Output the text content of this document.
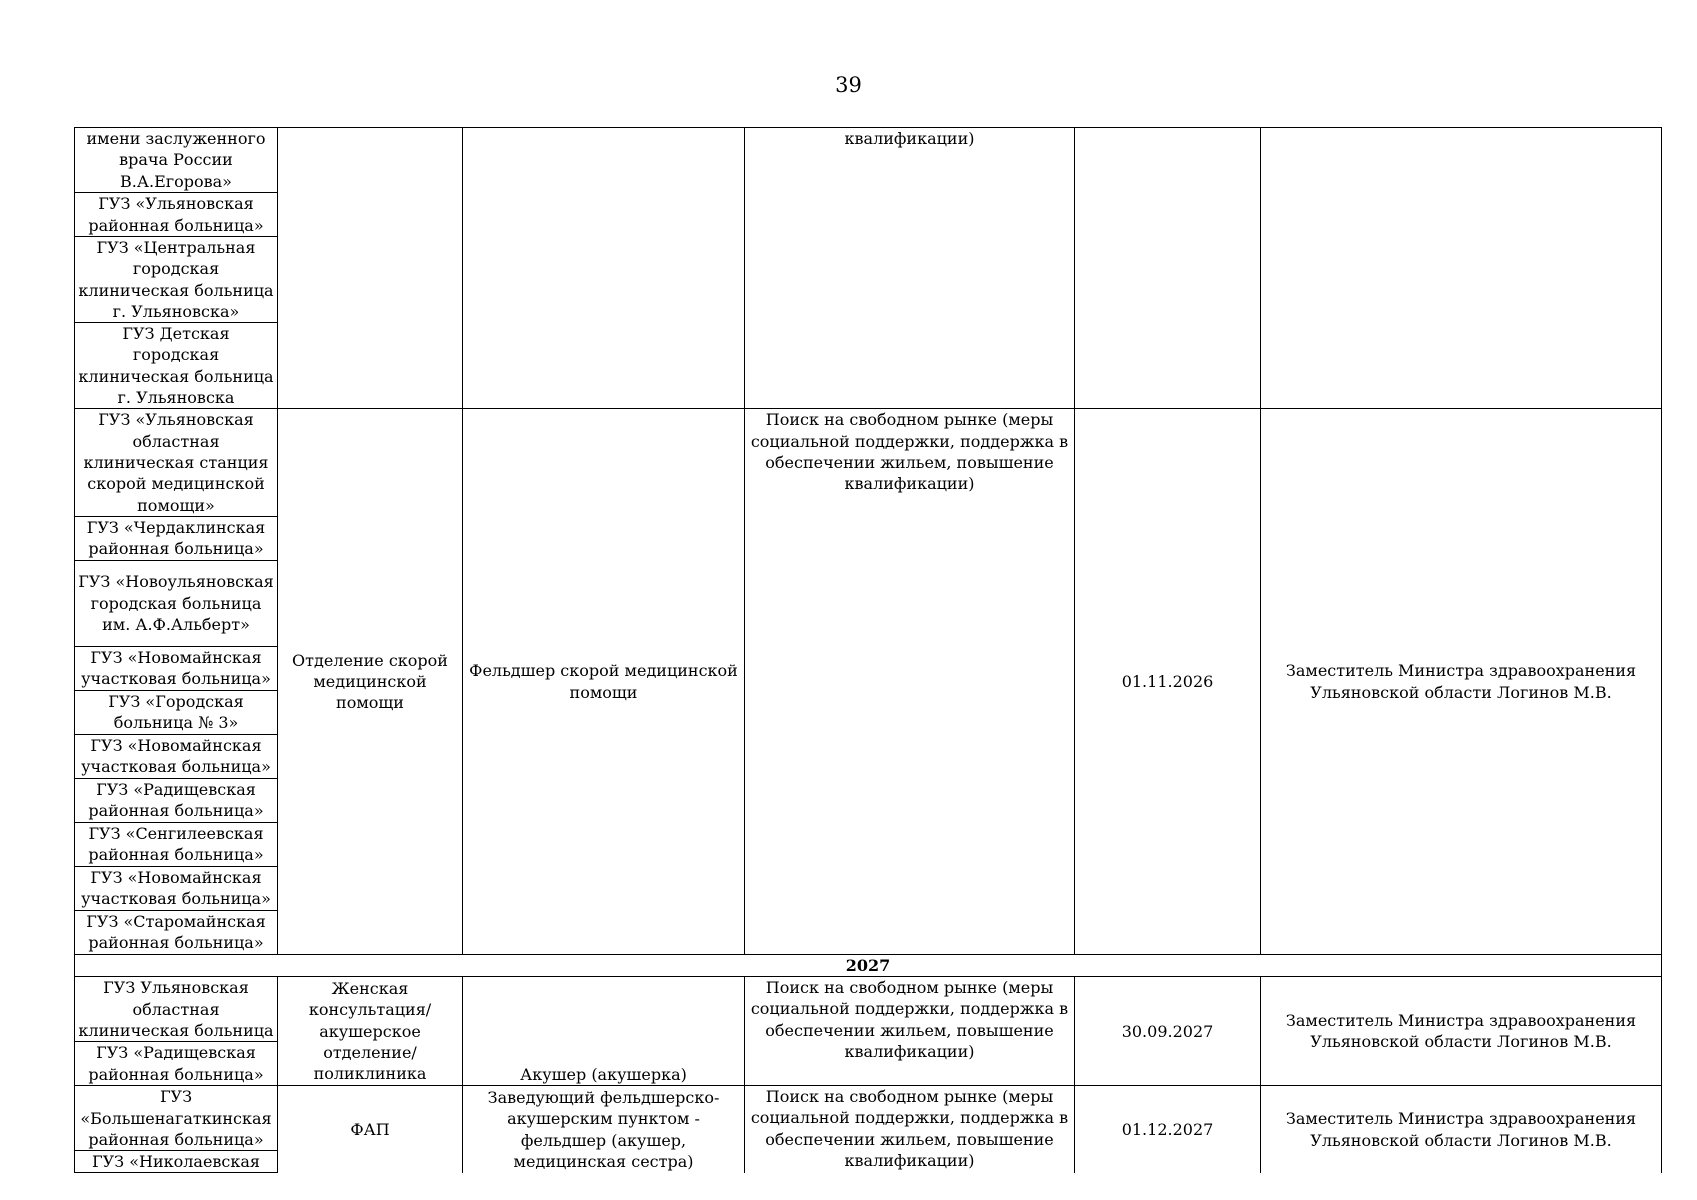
39
имени заслуженного врача России В.А.Егорова»			квалификации)		
ГУЗ «Ульяновская районная больница»					
ГУЗ «Центральная городская клиническая больница г. Ульяновска»					
ГУЗ Детская городская клиническая больница г. Ульяновска					
ГУЗ «Ульяновская областная клиническая станция скорой медицинской помощи»	Отделение скорой медицинской помощи	Фельдшер скорой медицинской помощи	Поиск на свободном рынке (меры социальной поддержки, поддержка в обеспечении жильем, повышение квалификации)	01.11.2026	Заместитель Министра здравоохранения Ульяновской области Логинов М.В.
ГУЗ «Чердаклинская районная больница»					
ГУЗ «Новоульяновская городская больница им. А.Ф.Альберт»					
ГУЗ «Новомайнская участковая больница»					
ГУЗ «Городская больница № 3»					
ГУЗ «Новомайнская участковая больница»					
ГУЗ «Радищевская районная больница»					
ГУЗ «Сенгилеевская районная больница»					
ГУЗ «Новомайнская участковая больница»					
ГУЗ «Старомайнская районная больница»					
2027					
ГУЗ Ульяновская областная клиническая больница	Женская консультация/ акушерское отделение/ поликлиника	Акушер (акушерка)	Поиск на свободном рынке (меры социальной поддержки, поддержка в обеспечении жильем, повышение квалификации)	30.09.2027	Заместитель Министра здравоохранения Ульяновской области Логинов М.В.
ГУЗ «Радищевская районная больница»					
ГУЗ «Большенагаткинская районная больница»	ФАП	Заведующий фельдшерско-акушерским пунктом - фельдшер (акушер, медицинская сестра)	Поиск на свободном рынке (меры социальной поддержки, поддержка в обеспечении жильем, повышение квалификации)	01.12.2027	Заместитель Министра здравоохранения Ульяновской области Логинов М.В.
ГУЗ «Николаевская					
